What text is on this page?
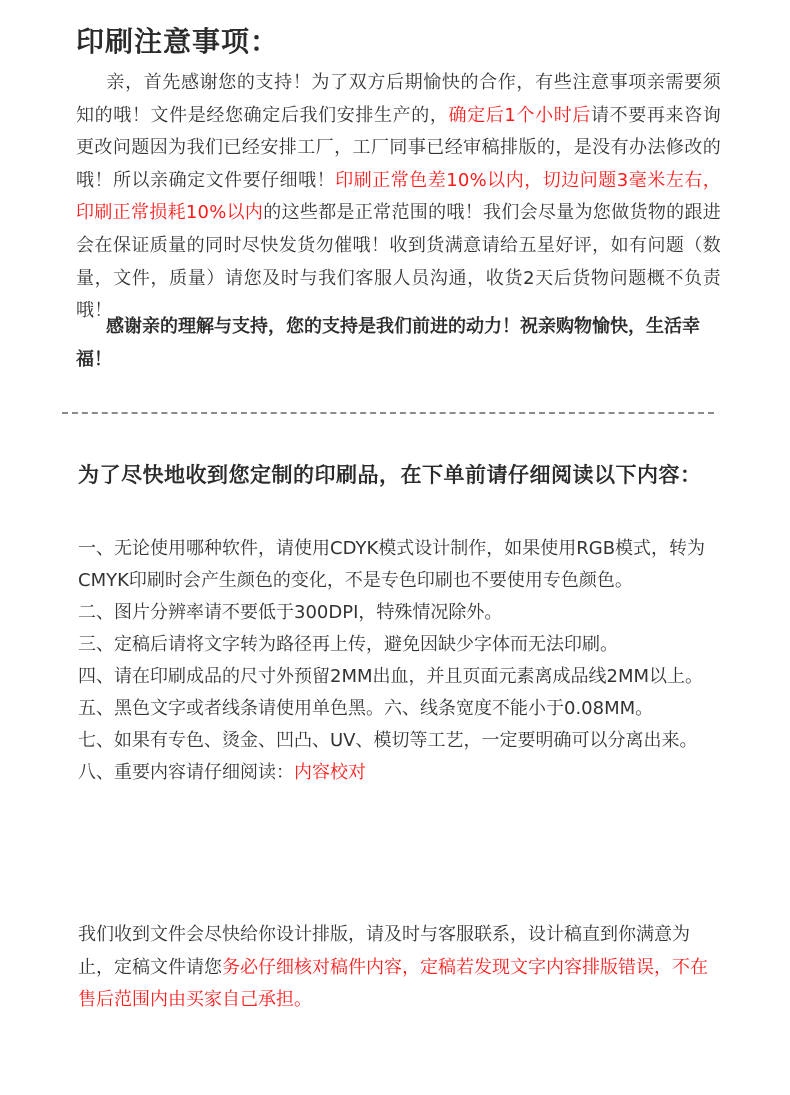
印刷注意事项：

亲，首先感谢您的支持！为了双方后期愉快的合作，有些注意事项亲需要须知的哦！文件是经您确定后我们安排生产的，确定后1个小时后请不要再来咨询更改问题因为我们已经安排工厂，工厂同事已经审稿排版的，是没有办法修改的哦！所以亲确定文件要仔细哦！印刷正常色差10%以内，切边问题3毫米左右，印刷正常损耗10%以内的这些都是正常范围的哦！我们会尽量为您做货物的跟进会在保证质量的同时尽快发货勿催哦！收到货满意请给五星好评，如有问题（数量，文件，质量）请您及时与我们客服人员沟通，收货2天后货物问题概不负责哦！

感谢亲的理解与支持，您的支持是我们前进的动力！祝亲购物愉快，生活幸福！

为了尽快地收到您定制的印刷品，在下单前请仔细阅读以下内容：
一、无论使用哪种软件，请使用CDYK模式设计制作，如果使用RGB模式，转为CMYK印刷时会产生颜色的变化，不是专色印刷也不要使用专色颜色。
二、图片分辨率请不要低于300DPI，特殊情况除外。
三、定稿后请将文字转为路径再上传，避免因缺少字体而无法印刷。
四、请在印刷成品的尺寸外预留2MM出血，并且页面元素离成品线2MM以上。
五、黑色文字或者线条请使用单色黑。六、线条宽度不能小于0.08MM。
七、如果有专色、烫金、凹凸、UV、模切等工艺，一定要明确可以分离出来。
八、重要内容请仔细阅读：内容校对

我们收到文件会尽快给你设计排版，请及时与客服联系，设计稿直到你满意为止，定稿文件请您务必仔细核对稿件内容，定稿若发现文字内容排版错误，不在售后范围内由买家自己承担。
